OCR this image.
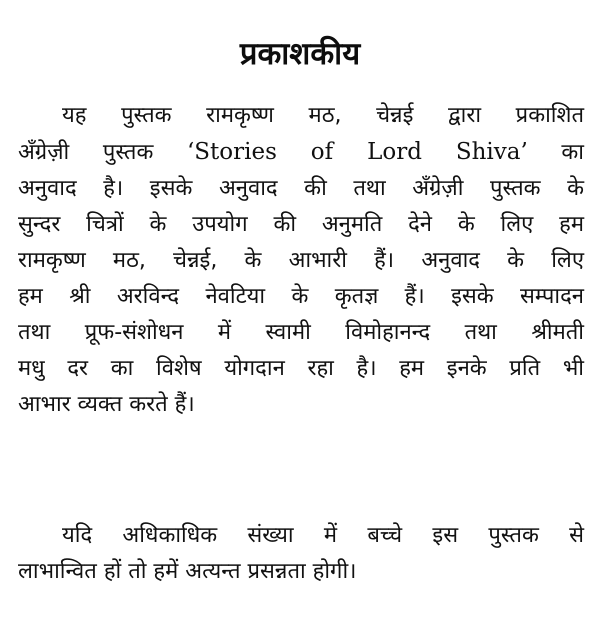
प्रकाशकीय
यह पुस्तक रामकृष्ण मठ, चेन्नई द्वारा प्रकाशित
अँग्रेज़ी पुस्तक ‘Stories of Lord Shiva’ का
अनुवाद है। इसके अनुवाद की तथा अँग्रेज़ी पुस्तक के
सुन्दर चित्रों के उपयोग की अनुमति देने के लिए हम
रामकृष्ण मठ, चेन्नई, के आभारी हैं। अनुवाद के लिए
हम श्री अरविन्द नेवटिया के कृतज्ञ हैं। इसके सम्पादन
तथा प्रूफ-संशोधन में स्वामी विमोहानन्द तथा श्रीमती
मधु दर का विशेष योगदान रहा है। हम इनके प्रति भी
आभार व्यक्त करते हैं।
यदि अधिकाधिक संख्या में बच्चे इस पुस्तक से
लाभान्वित हों तो हमें अत्यन्त प्रसन्नता होगी।
